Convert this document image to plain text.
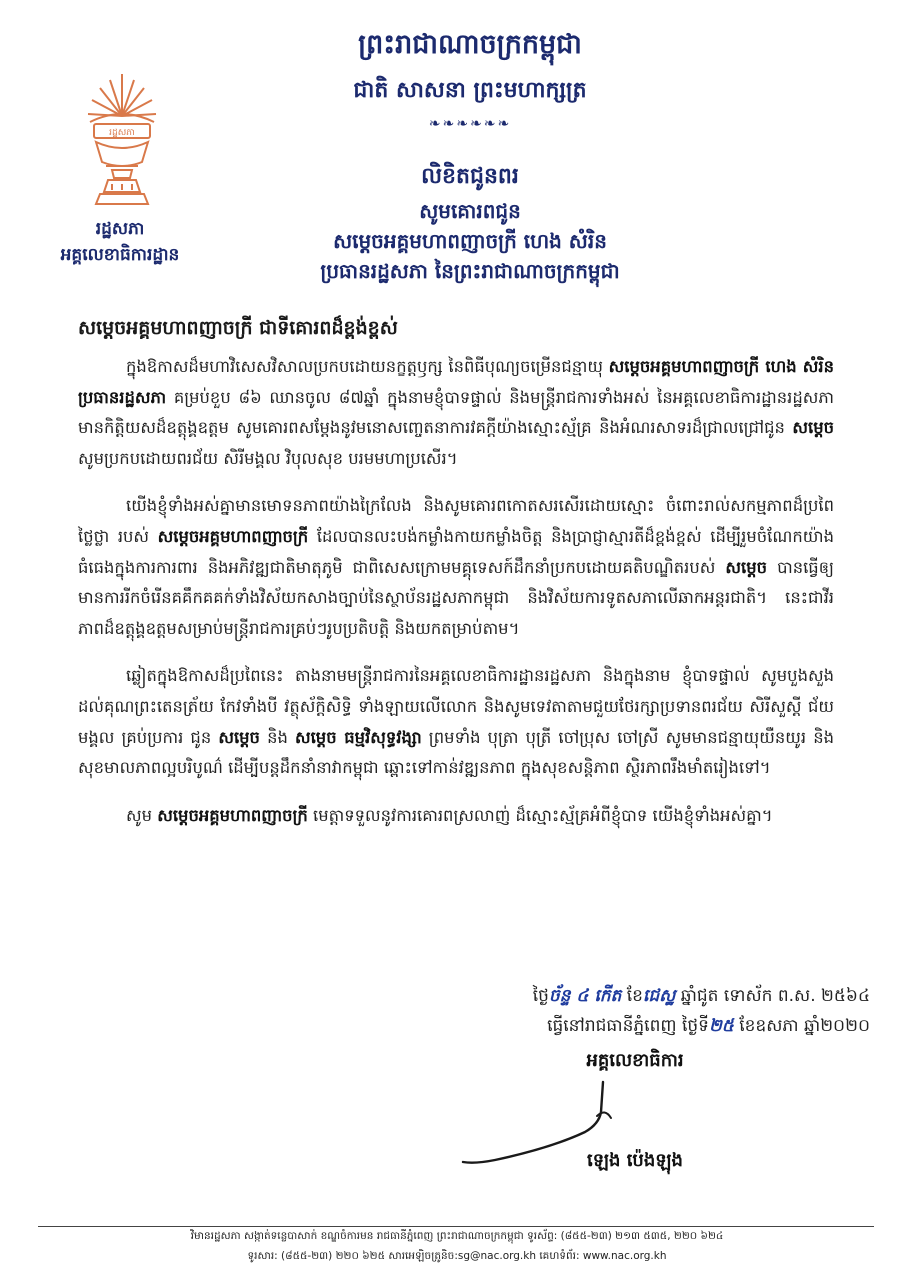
ព្រះរាជាណាចក្រកម្ពុជា
ជាតិ សាសនា ព្រះមហាក្សត្រ
❧❧❧❧❧❧
រដ្ឋសភា
រដ្ឋសភា
អគ្គលេខាធិការដ្ឋាន
លិខិតជូនពរ
សូមគោរពជូន
សម្តេចអគ្គមហាពញាចក្រី ហេង សំរិន
ប្រធានរដ្ឋសភា នៃព្រះរាជាណាចក្រកម្ពុជា
សម្តេចអគ្គមហាពញាចក្រី ជាទីគោរពដ៏ខ្ពង់ខ្ពស់

ក្នុងឱកាសដ៏មហាវិសេសវិសាលប្រកបដោយនក្ខត្តឫក្ស នៃពិធីបុណ្យចម្រើនជន្មាយុ សម្តេចអគ្គមហាពញាចក្រី ហេង សំរិន ប្រធានរដ្ឋសភា គម្រប់ខួប ៨៦ ឈានចូល ៨៧ឆ្នាំ ក្នុងនាមខ្ញុំបាទផ្ទាល់ និងមន្ត្រីរាជការទាំងអស់ នៃអគ្គលេខាធិការដ្ឋានរដ្ឋសភា មានកិត្តិយសដ៏ឧត្តុង្គឧត្តម សូមគោរពសម្តែងនូវមនោសញ្ចេតនាការវគក្តីយ៉ាងស្មោះស្ម័គ្រ និងអំណរសាទរដ៏ជ្រាលជ្រៅជូន សម្តេច សូមប្រកបដោយពរជ័យ សិរីមង្គល វិបុលសុខ បរមមហាប្រសើរ។

យើងខ្ញុំទាំងអស់គ្នាមានមោទនភាពយ៉ាងក្រៃលែង និងសូមគោរពកោតសរសើរដោយស្មោះ ចំពោះរាល់សកម្មភាពដ៏ប្រពៃថ្លៃថ្លា របស់ សម្តេចអគ្គមហាពញាចក្រី ដែលបានលះបង់កម្លាំងកាយកម្លាំងចិត្ត និងប្រាជ្ញាស្មារតីដ៏ខ្ពង់ខ្ពស់ ដើម្បីរួមចំណែកយ៉ាងធំធេងក្នុងការការពារ និងអភិវឌ្ឍជាតិមាតុភូមិ ជាពិសេសក្រោមមគ្គុទេសក៍ដឹកនាំប្រកបដោយគតិបណ្ឌិតរបស់ សម្តេច បានធ្វើឲ្យមានការរីកចំរើនគគឹកគគក់ទាំងវិស័យកសាងច្បាប់នៃស្ថាប័នរដ្ឋសភាកម្ពុជា និងវិស័យការទូតសភាលើឆាកអន្តរជាតិ។ នេះជាវីរភាពដ៏ឧត្តុង្គឧត្តមសម្រាប់មន្ត្រីរាជការគ្រប់ៗរូបប្រតិបត្តិ និងយកតម្រាប់តាម។

ឆ្លៀតក្នុងឱកាសដ៏ប្រពៃនេះ តាងនាមមន្ត្រីរាជការនៃអគ្គលេខាធិការដ្ឋានរដ្ឋសភា និងក្នុងនាម ខ្ញុំបាទផ្ទាល់ សូមបួងសួងដល់គុណព្រះតេនត្រ័យ កែវទាំងបី វត្ថុស័ក្តិសិទ្ធិ ទាំងឡាយលើលោក និងសូមទេវតាតាមជួយថែរក្សាប្រទានពរជ័យ សិរីសួស្តី ជ័យមង្គល គ្រប់ប្រការ ជូន សម្តេច និង សម្តេច ធម្មវិសុទ្ធវង្សា ព្រមទាំង បុត្រា បុត្រី ចៅប្រុស ចៅស្រី សូមមានជន្មាយុយឺនយូរ និងសុខមាលភាពល្អបរិបូណ៌ ដើម្បីបន្តដឹកនាំនាវាកម្ពុជា ឆ្ពោះទៅកាន់វឌ្ឍនភាព ក្នុងសុខសន្តិភាព ស្ថិរភាពរឹងមាំតរៀងទៅ។

សូម សម្តេចអគ្គមហាពញាចក្រី មេត្តាទទួលនូវការគោរពស្រលាញ់ ដ៏ស្មោះស្ម័គ្រអំពីខ្ញុំបាទ យើងខ្ញុំទាំងអស់គ្នា។

ថ្ងៃច័ន្ទ ៤ កើត ខែជេស្ឋ ឆ្នាំជូត ទោស័ក ព.ស. ២៥៦៤
ធ្វើនៅរាជធានីភ្នំពេញ ថ្ងៃទី២៥ ខែឧសភា ឆ្នាំ២០២០
អគ្គលេខាធិការ
ឡេង ប៉េងឡុង
វិមានរដ្ឋសភា សង្កាត់ទន្លេបាសាក់ ខណ្ឌចំការមន រាជធានីភ្នំពេញ ព្រះរាជាណាចក្រកម្ពុជា ទូរស័ព្ទ: (៨៥៥-២៣) ២១៣ ៥៣៥, ២២០ ៦២៤
ទូរសារ: (៨៥៥-២៣) ២២០ ៦២៥ សារអេឡិចត្រូនិច:sg@nac.org.kh គេហទំព័រ: www.nac.org.kh
